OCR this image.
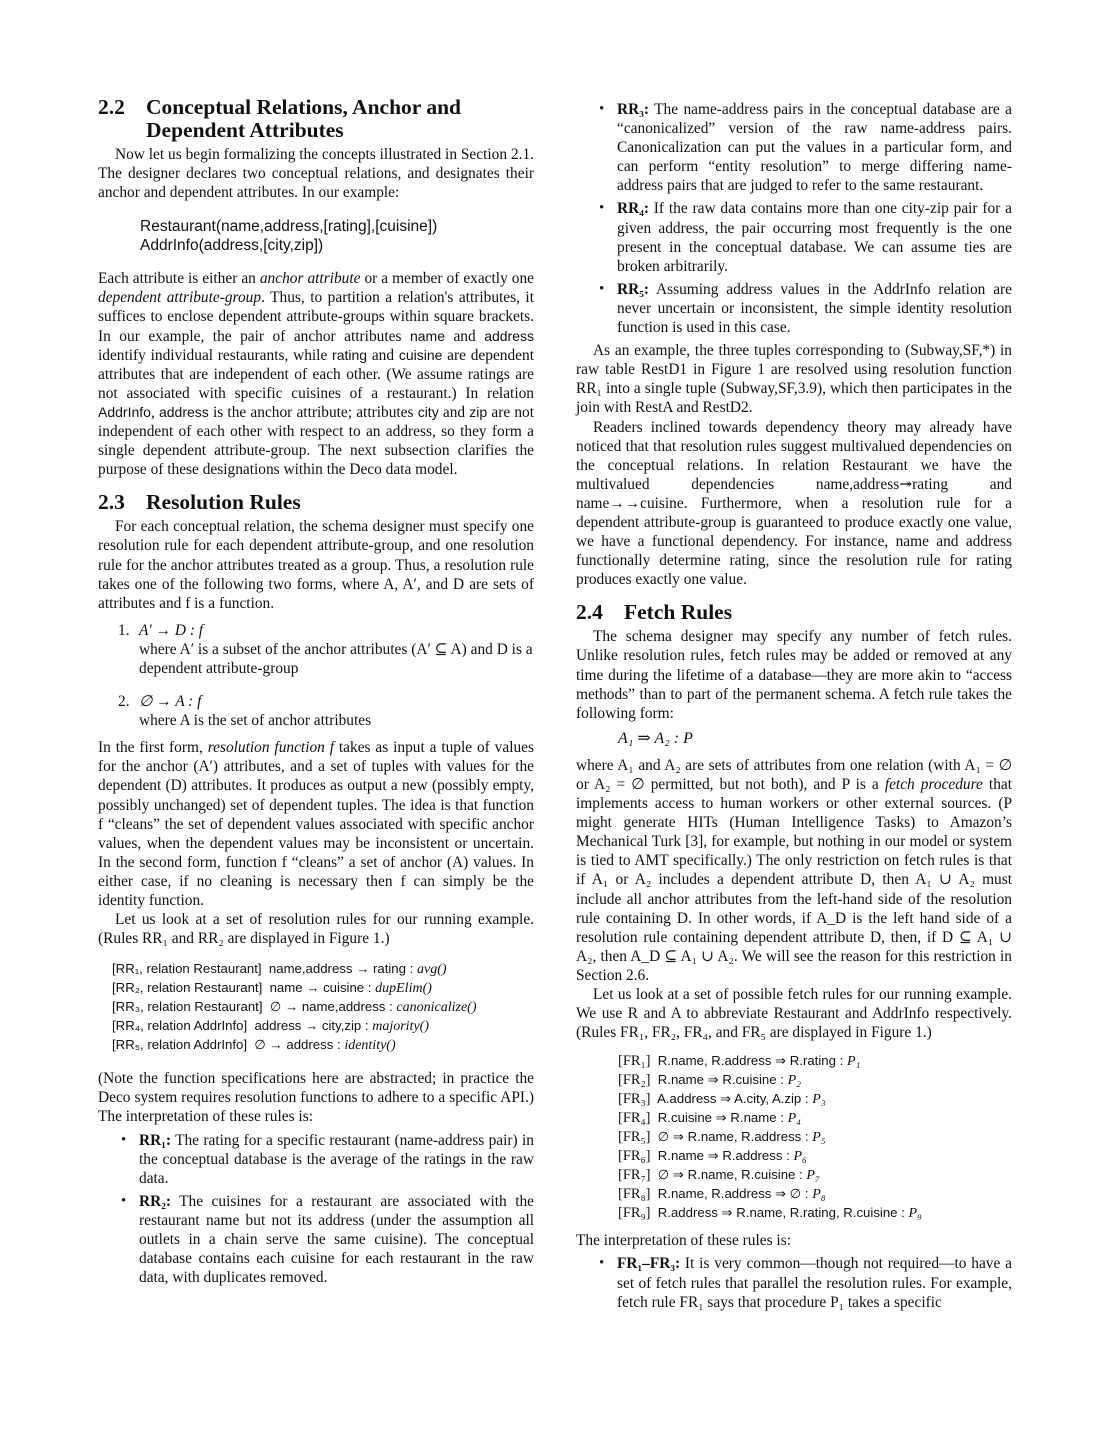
2.2 Conceptual Relations, Anchor and Dependent Attributes

Now let us begin formalizing the concepts illustrated in Section 2.1. The designer declares two conceptual relations, and designates their anchor and dependent attributes. In our example:

Restaurant(name,address,[rating],[cuisine])
AddrInfo(address,[city,zip])

Each attribute is either an anchor attribute or a member of exactly one dependent attribute-group. Thus, to partition a relation's attributes, it suffices to enclose dependent attribute-groups within square brackets. In our example, the pair of anchor attributes name and address identify individual restaurants, while rating and cuisine are dependent attributes that are independent of each other. (We assume ratings are not associated with specific cuisines of a restaurant.) In relation AddrInfo, address is the anchor attribute; attributes city and zip are not independent of each other with respect to an address, so they form a single dependent attribute-group. The next subsection clarifies the purpose of these designations within the Deco data model.

2.3 Resolution Rules

For each conceptual relation, the schema designer must specify one resolution rule for each dependent attribute-group, and one resolution rule for the anchor attributes treated as a group. Thus, a resolution rule takes one of the following two forms, where A, A′, and D are sets of attributes and f is a function.

1. A′ → D : f
where A′ is a subset of the anchor attributes (A′ ⊆ A) and D is a dependent attribute-group
2. ∅ → A : f
where A is the set of anchor attributes

In the first form, resolution function f takes as input a tuple of values for the anchor (A′) attributes, and a set of tuples with values for the dependent (D) attributes. It produces as output a new (possibly empty, possibly unchanged) set of dependent tuples. The idea is that function f “cleans” the set of dependent values associated with specific anchor values, when the dependent values may be inconsistent or uncertain. In the second form, function f “cleans” a set of anchor (A) values. In either case, if no cleaning is necessary then f can simply be the identity function.

Let us look at a set of resolution rules for our running example. (Rules RR₁ and RR₂ are displayed in Figure 1.)

[RR₁, relation Restaurant] name,address → rating : avg()
[RR₂, relation Restaurant] name → cuisine : dupElim()
[RR₃, relation Restaurant] ∅ → name,address : canonicalize()
[RR₄, relation AddrInfo] address → city,zip : majority()
[RR₅, relation AddrInfo] ∅ → address : identity()

(Note the function specifications here are abstracted; in practice the Deco system requires resolution functions to adhere to a specific API.) The interpretation of these rules is:

• RR₁: The rating for a specific restaurant (name-address pair) in the conceptual database is the average of the ratings in the raw data.
• RR₂: The cuisines for a restaurant are associated with the restaurant name but not its address (under the assumption all outlets in a chain serve the same cuisine). The conceptual database contains each cuisine for each restaurant in the raw data, with duplicates removed.
• RR₃: The name-address pairs in the conceptual database are a “canonicalized” version of the raw name-address pairs. Canonicalization can put the values in a particular form, and can perform “entity resolution” to merge differing name- address pairs that are judged to refer to the same restaurant.
• RR₄: If the raw data contains more than one city-zip pair for a given address, the pair occurring most frequently is the one present in the conceptual database. We can assume ties are broken arbitrarily.
• RR₅: Assuming address values in the AddrInfo relation are never uncertain or inconsistent, the simple identity resolution function is used in this case.

As an example, the three tuples corresponding to (Subway,SF,*) in raw table RestD1 in Figure 1 are resolved using resolution function RR₁ into a single tuple (Subway,SF,3.9), which then participates in the join with RestA and RestD2.

Readers inclined towards dependency theory may already have noticed that that resolution rules suggest multivalued dependencies on the conceptual relations. In relation Restaurant we have the multivalued dependencies name,address↠rating and name→→cuisine. Furthermore, when a resolution rule for a dependent attribute-group is guaranteed to produce exactly one value, we have a functional dependency. For instance, name and address functionally determine rating, since the resolution rule for rating produces exactly one value.

2.4 Fetch Rules

The schema designer may specify any number of fetch rules. Unlike resolution rules, fetch rules may be added or removed at any time during the lifetime of a database—they are more akin to “access methods” than to part of the permanent schema. A fetch rule takes the following form:

A₁ ⇒ A₂ : P

where A₁ and A₂ are sets of attributes from one relation (with A₁ = ∅ or A₂ = ∅ permitted, but not both), and P is a fetch procedure that implements access to human workers or other external sources. (P might generate HITs (Human Intelligence Tasks) to Amazon’s Mechanical Turk [3], for example, but nothing in our model or system is tied to AMT specifically.) The only restriction on fetch rules is that if A₁ or A₂ includes a dependent attribute D, then A₁ ∪ A₂ must include all anchor attributes from the left-hand side of the resolution rule containing D. In other words, if A_D is the left hand side of a resolution rule containing dependent attribute D, then, if D ⊆ A₁ ∪ A₂, then A_D ⊆ A₁ ∪ A₂. We will see the reason for this restriction in Section 2.6.

Let us look at a set of possible fetch rules for our running example. We use R and A to abbreviate Restaurant and AddrInfo respectively. (Rules FR₁, FR₂, FR₄, and FR₅ are displayed in Figure 1.)

[FR₁] R.name, R.address ⇒ R.rating : P₁
[FR₂] R.name ⇒ R.cuisine : P₂
[FR₃] A.address ⇒ A.city, A.zip : P₃
[FR₄] R.cuisine ⇒ R.name : P₄
[FR₅] ∅ ⇒ R.name, R.address : P₅
[FR₆] R.name ⇒ R.address : P₆
[FR₇] ∅ ⇒ R.name, R.cuisine : P₇
[FR₈] R.name, R.address ⇒ ∅ : P₈
[FR₉] R.address ⇒ R.name, R.rating, R.cuisine : P₉

The interpretation of these rules is:

• FR₁–FR₃: It is very common—though not required—to have a set of fetch rules that parallel the resolution rules. For example, fetch rule FR₁ says that procedure P₁ takes a specific
